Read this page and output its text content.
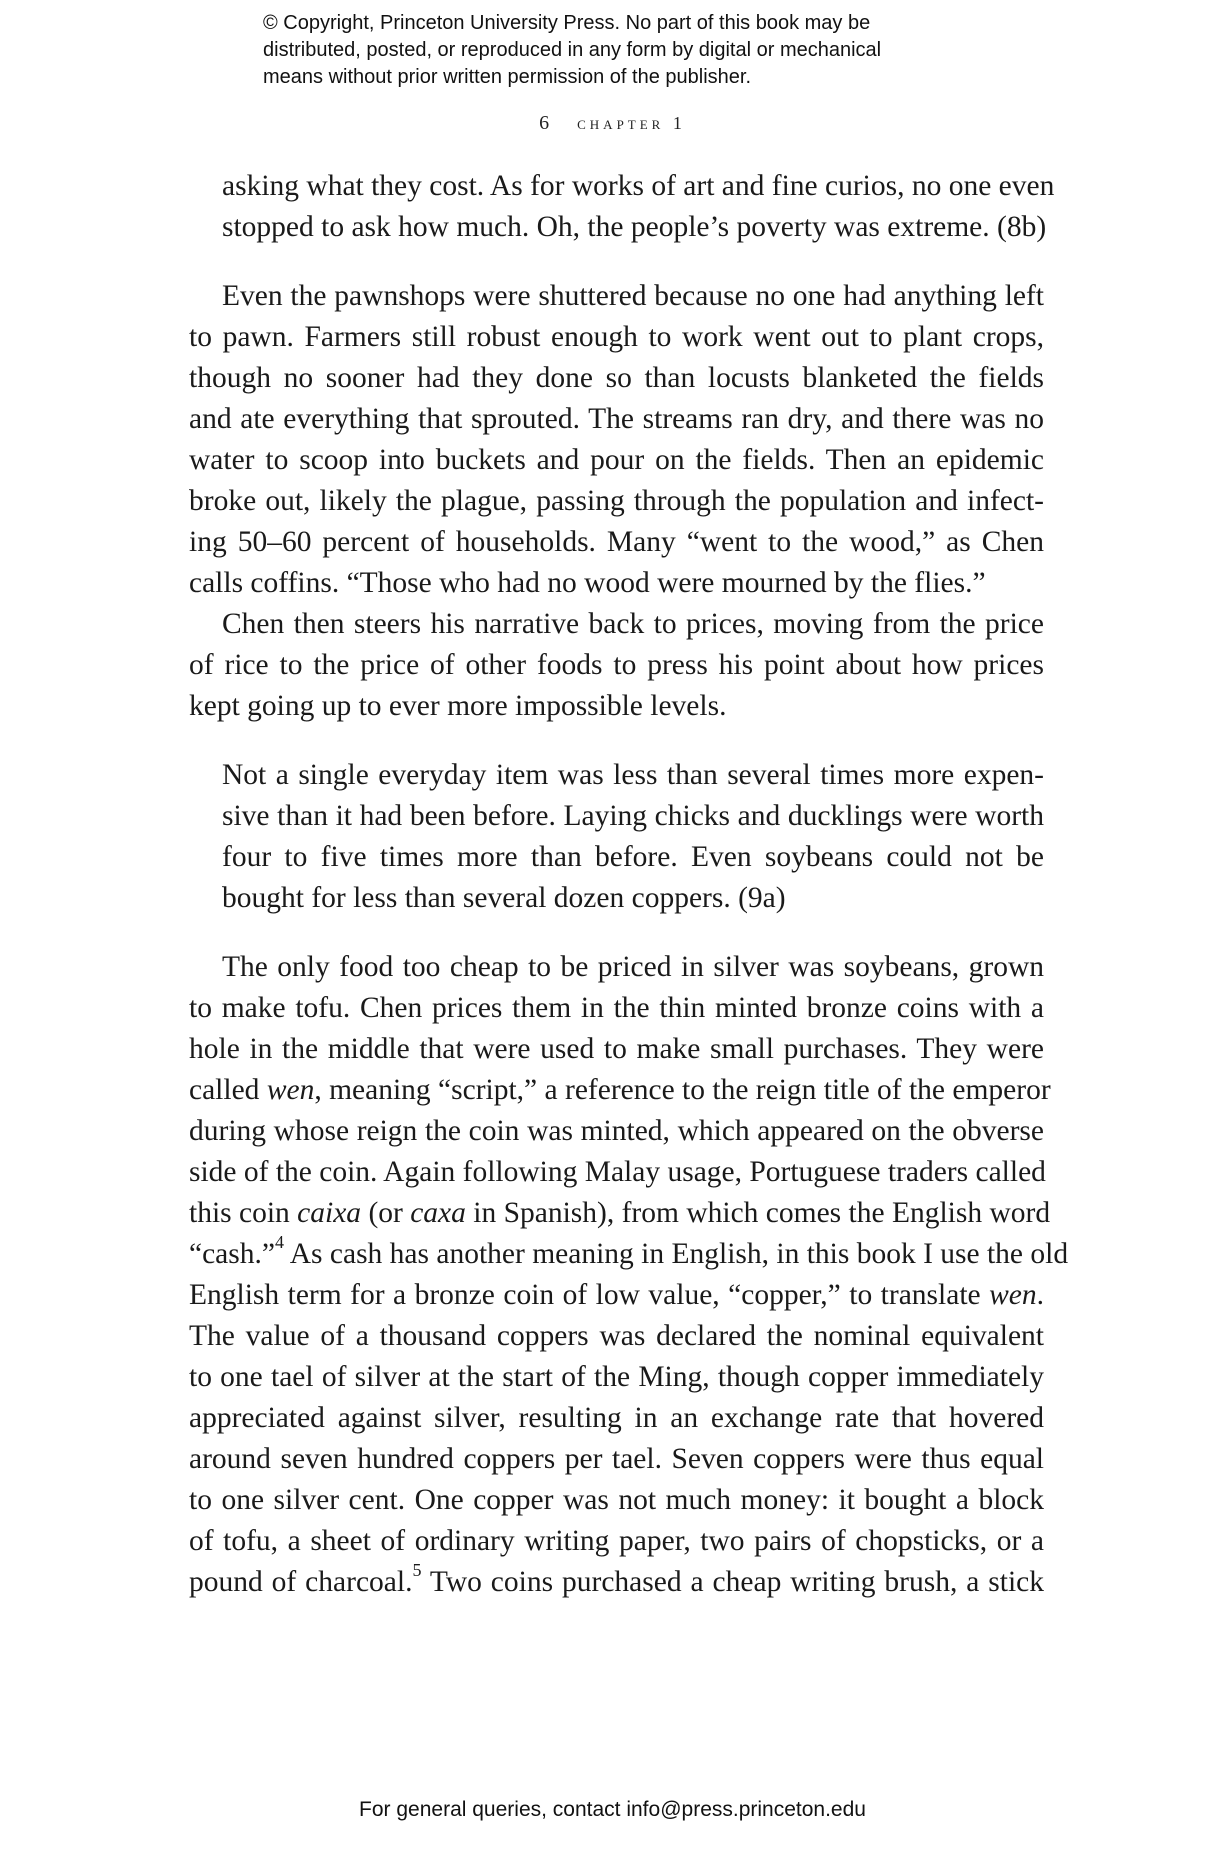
© Copyright, Princeton University Press. No part of this book may be
distributed, posted, or reproduced in any form by digital or mechanical
means without prior written permission of the publisher.
6 chapter 1

asking what they cost. As for works of art and fine curios, no one even

stopped to ask how much. Oh, the people’s poverty was extreme. (8b)

Even the pawnshops were shuttered because no one had anything left

to pawn. Farmers still robust enough to work went out to plant crops,

though no sooner had they done so than locusts blanketed the fields

and ate everything that sprouted. The streams ran dry, and there was no

water to scoop into buckets and pour on the fields. Then an epidemic

broke out, likely the plague, passing through the population and infect-

ing 50–60 percent of households. Many “went to the wood,” as Chen

calls coffins. “Those who had no wood were mourned by the flies.”

Chen then steers his narrative back to prices, moving from the price

of rice to the price of other foods to press his point about how prices

kept going up to ever more impossible levels.

Not a single everyday item was less than several times more expen-

sive than it had been before. Laying chicks and ducklings were worth

four to five times more than before. Even soybeans could not be

bought for less than several dozen coppers. (9a)

The only food too cheap to be priced in silver was soybeans, grown

to make tofu. Chen prices them in the thin minted bronze coins with a

hole in the middle that were used to make small purchases. They were

called wen, meaning “script,” a reference to the reign title of the emperor

during whose reign the coin was minted, which appeared on the obverse

side of the coin. Again following Malay usage, Portuguese traders called

this coin caixa (or caxa in Spanish), from which comes the English word

“cash.”$^4$ As cash has another meaning in English, in this book I use the old

English term for a bronze coin of low value, “copper,” to translate wen.

The value of a thousand coppers was declared the nominal equivalent

to one tael of silver at the start of the Ming, though copper immediately

appreciated against silver, resulting in an exchange rate that hovered

around seven hundred coppers per tael. Seven coppers were thus equal

to one silver cent. One copper was not much money: it bought a block

of tofu, a sheet of ordinary writing paper, two pairs of chopsticks, or a

pound of charcoal.$^5$ Two coins purchased a cheap writing brush, a stick

For general queries, contact info@press.princeton.edu
